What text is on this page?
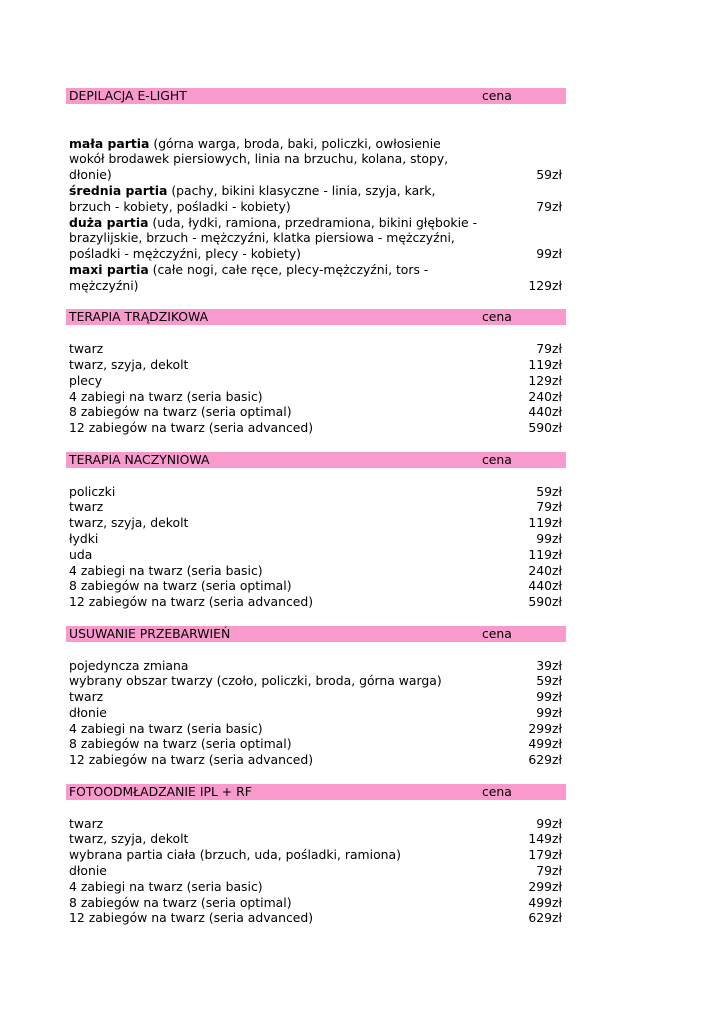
DEPILACJA E-LIGHT	cena
mała partia (górna warga, broda, baki, policzki, owłosienie wokół brodawek piersiowych, linia na brzuchu, kolana, stopy, dłonie)	59zł
średnia partia (pachy, bikini klasyczne - linia, szyja, kark, brzuch - kobiety, pośladki - kobiety)	79zł
duża partia (uda, łydki, ramiona, przedramiona, bikini głębokie - brazylijskie, brzuch - mężczyźni, klatka piersiowa - mężczyźni, pośladki - mężczyźni, plecy - kobiety)	99zł
maxi partia (całe nogi, całe ręce, plecy-mężczyźni, tors - mężczyźni)	129zł
TERAPIA TRĄDZIKOWA	cena
twarz	79zł
twarz, szyja, dekolt	119zł
plecy	129zł
4 zabiegi na twarz (seria basic)	240zł
8 zabiegów na twarz (seria optimal)	440zł
12 zabiegów na twarz (seria advanced)	590zł
TERAPIA NACZYNIOWA	cena
policzki	59zł
twarz	79zł
twarz, szyja, dekolt	119zł
łydki	99zł
uda	119zł
4 zabiegi na twarz (seria basic)	240zł
8 zabiegów na twarz (seria optimal)	440zł
12 zabiegów na twarz (seria advanced)	590zł
USUWANIE PRZEBARWIEŃ	cena
pojedyncza zmiana	39zł
wybrany obszar twarzy (czoło, policzki, broda, górna warga)	59zł
twarz	99zł
dłonie	99zł
4 zabiegi na twarz (seria basic)	299zł
8 zabiegów na twarz (seria optimal)	499zł
12 zabiegów na twarz (seria advanced)	629zł
FOTOODMŁADZANIE IPL + RF	cena
twarz	99zł
twarz, szyja, dekolt	149zł
wybrana partia ciała (brzuch, uda, pośladki, ramiona)	179zł
dłonie	79zł
4 zabiegi na twarz (seria basic)	299zł
8 zabiegów na twarz (seria optimal)	499zł
12 zabiegów na twarz (seria advanced)	629zł
